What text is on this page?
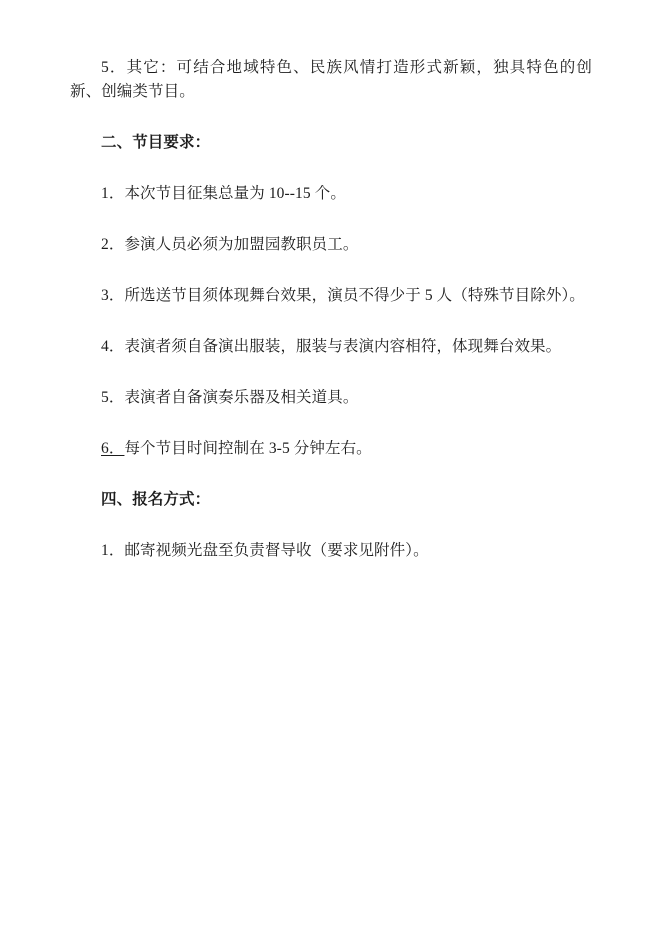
5．其它：可结合地域特色、民族风情打造形式新颖，独具特色的创新、创编类节目。

二、节目要求：

1．本次节目征集总量为 10--15 个。

2．参演人员必须为加盟园教职员工。

3．所选送节目须体现舞台效果，演员不得少于 5 人（特殊节目除外）。

4．表演者须自备演出服装，服装与表演内容相符，体现舞台效果。

5．表演者自备演奏乐器及相关道具。

6．每个节目时间控制在 3-5 分钟左右。

四、报名方式：

1．邮寄视频光盘至负责督导收（要求见附件）。
